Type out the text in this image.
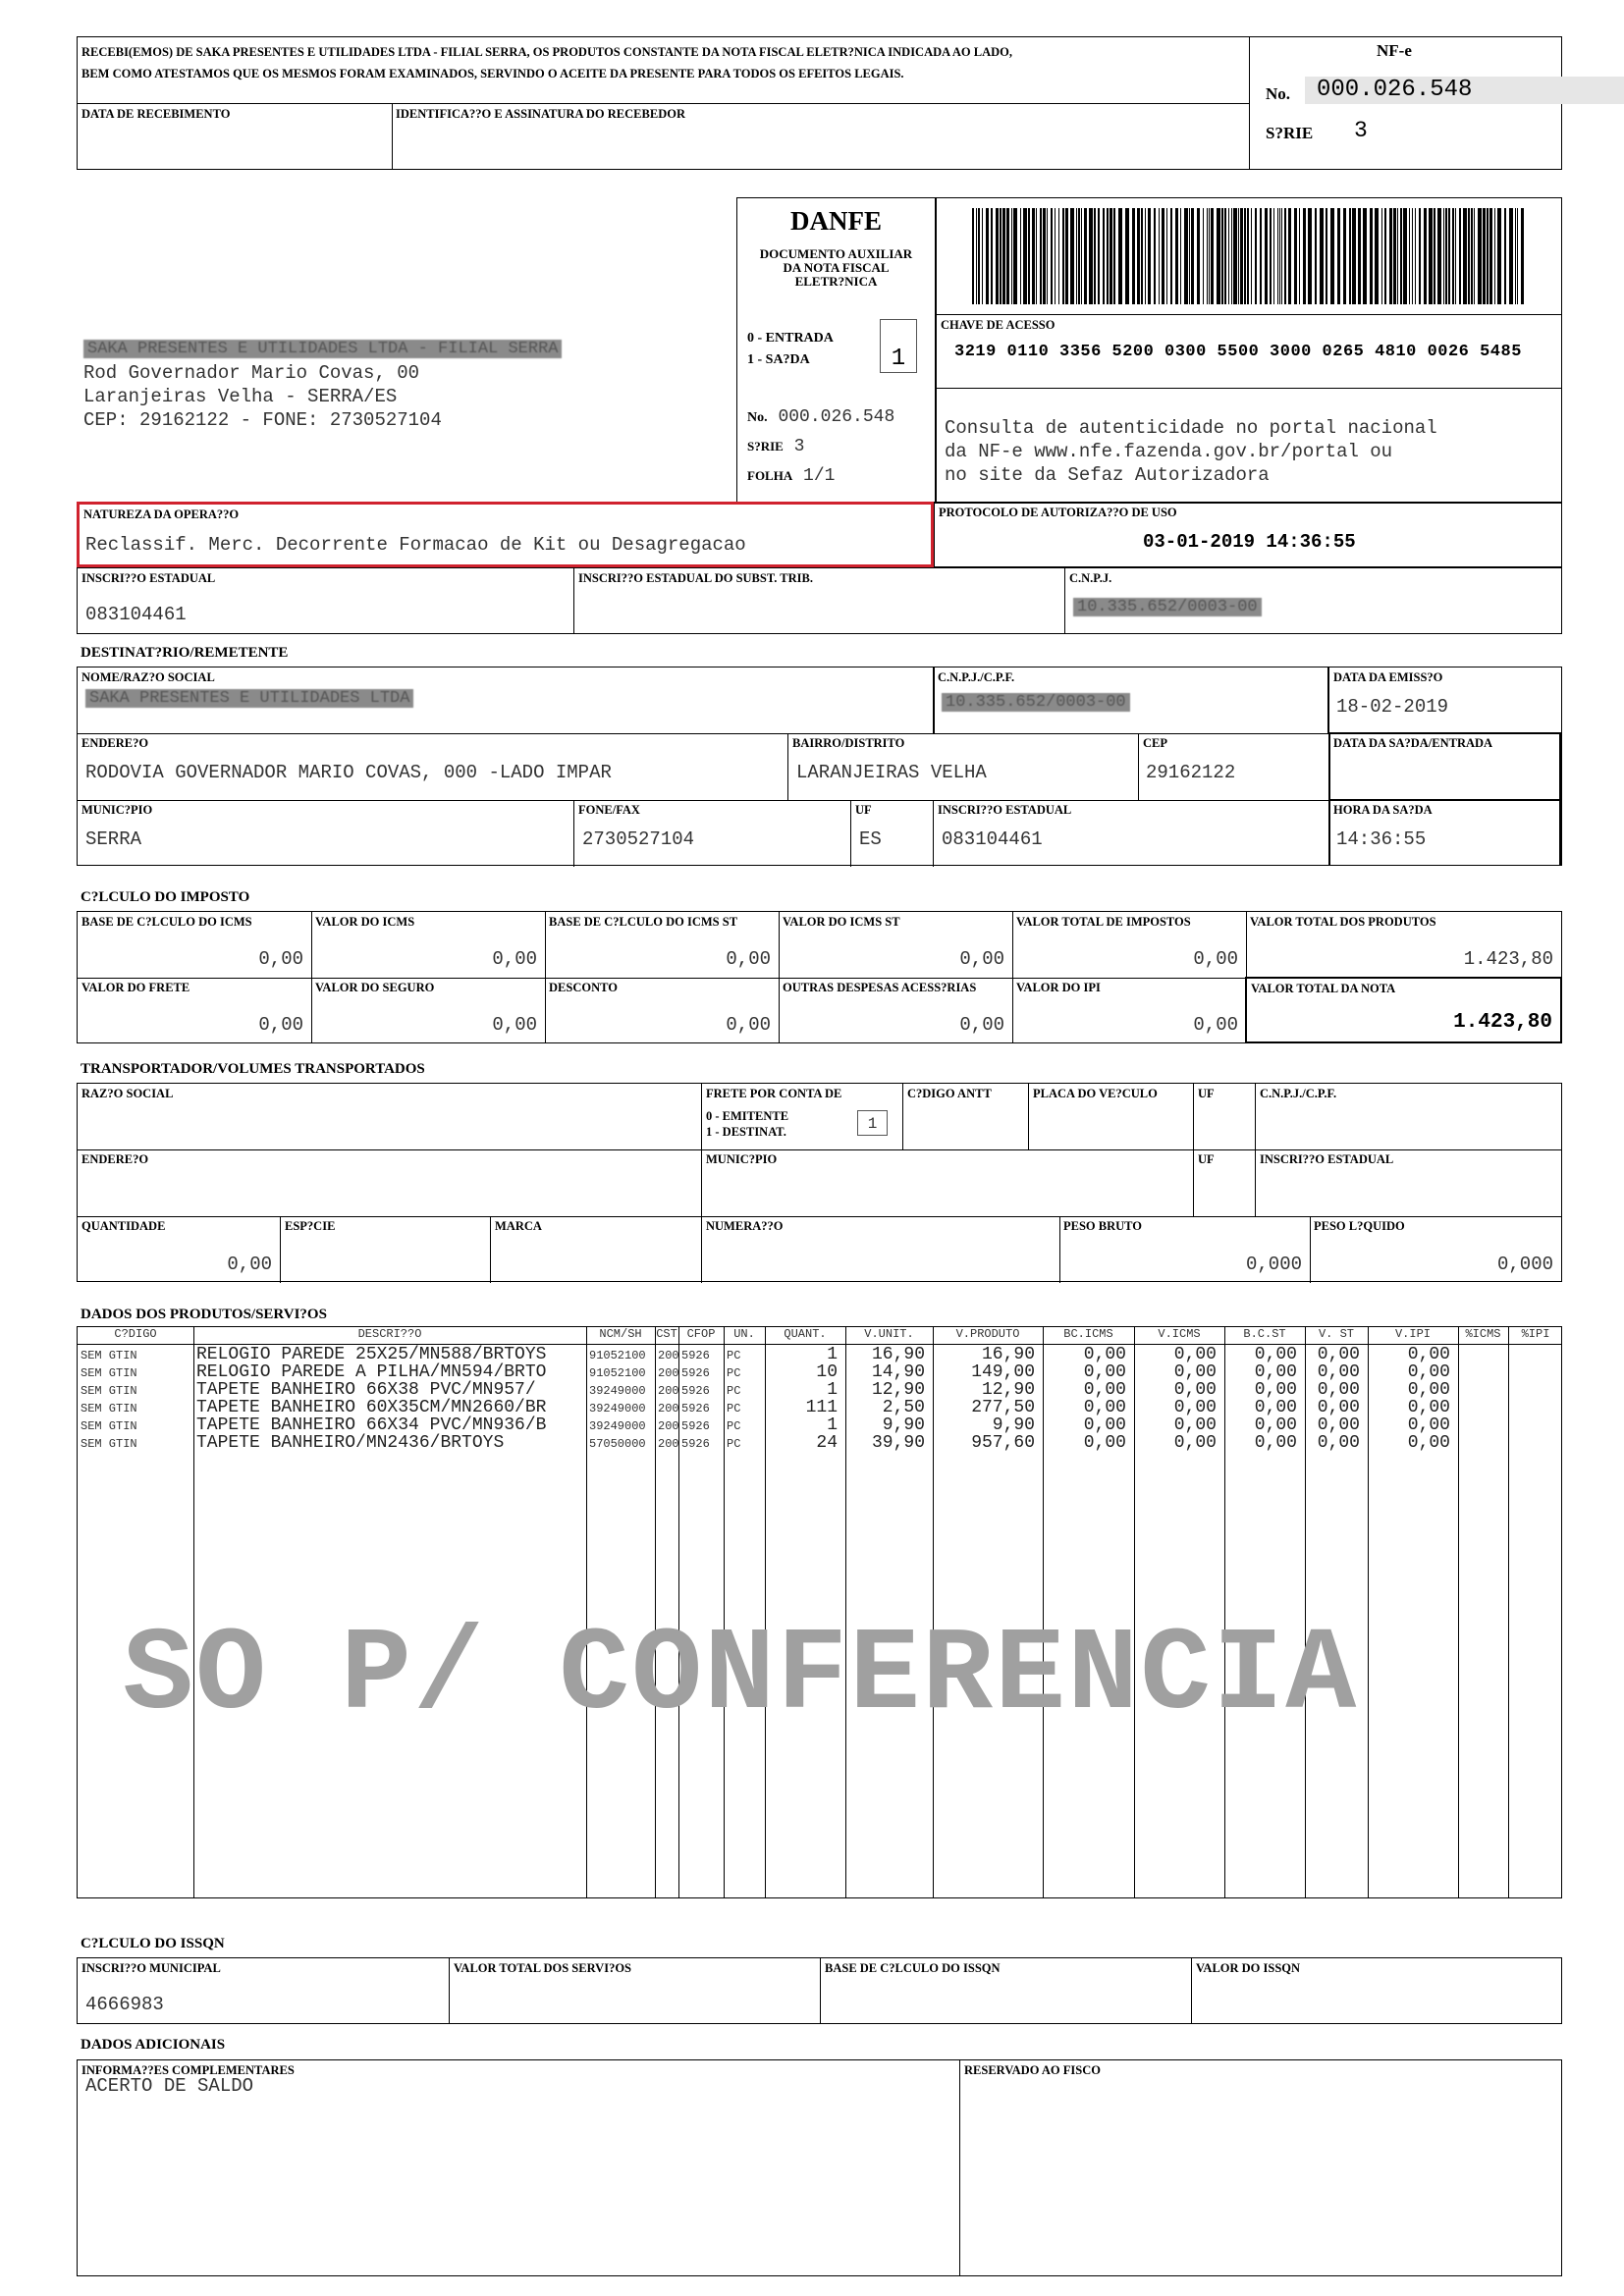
RECEBI(EMOS) DE SAKA PRESENTES E UTILIDADES LTDA - FILIAL SERRA, OS PRODUTOS CONSTANTE DA NOTA FISCAL ELETR?NICA INDICADA AO LADO,
BEM COMO ATESTAMOS QUE OS MESMOS FORAM EXAMINADOS, SERVINDO O ACEITE DA PRESENTE PARA TODOS OS EFEITOS LEGAIS.
DATA DE RECEBIMENTO	IDENTIFICA??O E ASSINATURA DO RECEBEDOR
NF-e
No.	000.026.548
S?RIE 3
SAKA PRESENTES E UTILIDADES LTDA - FILIAL SERRA
Rod Governador Mario Covas, 00
Laranjeiras Velha - SERRA/ES
CEP: 29162122 - FONE: 2730527104
DANFE
DOCUMENTO AUXILIAR
DA NOTA FISCAL
ELETR?NICA
0 - ENTRADA
1 - SA?DA	1
No. 000.026.548
S?RIE 3
FOLHA 1/1
CHAVE DE ACESSO
3219 0110 3356 5200 0300 5500 3000 0265 4810 0026 5485
Consulta de autenticidade no portal nacional
da NF-e www.nfe.fazenda.gov.br/portal ou
no site da Sefaz Autorizadora
NATUREZA DA OPERA??O
Reclassif. Merc. Decorrente Formacao de Kit ou Desagregacao
PROTOCOLO DE AUTORIZA??O DE USO
03-01-2019 14:36:55
INSCRI??O ESTADUAL
083104461
INSCRI??O ESTADUAL DO SUBST. TRIB.	C.N.P.J.
10.335.652/0003-00
DESTINAT?RIO/REMETENTE
NOME/RAZ?O SOCIAL
SAKA PRESENTES E UTILIDADES LTDA
C.N.P.J./C.P.F.
10.335.652/0003-00
DATA DA EMISS?O
18-02-2019
ENDERE?O
RODOVIA GOVERNADOR MARIO COVAS, 000 -LADO IMPAR
BAIRRO/DISTRITO
LARANJEIRAS VELHA
CEP
29162122
DATA DA SA?DA/ENTRADA
MUNIC?PIO
SERRA
FONE/FAX
2730527104
UF
ES
INSCRI??O ESTADUAL
083104461
HORA DA SA?DA
14:36:55
C?LCULO DO IMPOSTO
BASE DE C?LCULO DO ICMS
0,00
VALOR DO ICMS
0,00
BASE DE C?LCULO DO ICMS ST
0,00
VALOR DO ICMS ST
0,00
VALOR TOTAL DE IMPOSTOS
0,00
VALOR TOTAL DOS PRODUTOS
1.423,80
VALOR DO FRETE
0,00
VALOR DO SEGURO
0,00
DESCONTO
0,00
OUTRAS DESPESAS ACESS?RIAS
0,00
VALOR DO IPI
0,00
VALOR TOTAL DA NOTA
1.423,80
TRANSPORTADOR/VOLUMES TRANSPORTADOS
RAZ?O SOCIAL	FRETE POR CONTA DE
0 - EMITENTE
1 - DESTINAT.	1
C?DIGO ANTT	PLACA DO VE?CULO	UF	C.N.P.J./C.P.F.
ENDERE?O	MUNIC?PIO	UF	INSCRI??O ESTADUAL
QUANTIDADE
0,00
ESP?CIE	MARCA	NUMERA??O	PESO BRUTO
0,000
PESO L?QUIDO
0,000
DADOS DOS PRODUTOS/SERVI?OS
C?DIGO	DESCRI??O	NCM/SH	CST CFOP	UN.	QUANT.	V.UNIT.	V.PRODUTO	BC.ICMS	V.ICMS	B.C.ST	V. ST	V.IPI	%ICMS	%IPI
SEM GTIN	RELOGIO PAREDE 25X25/MN588/BRTOYS	91052100 200 5926 PC	1 16,90	16,90	0,00	0,00 0,00 0,00	0,00
SEM GTIN	RELOGIO PAREDE A PILHA/MN594/BRTO	91052100 200 5926 PC	10 14,90	149,00	0,00	0,00 0,00 0,00	0,00
SEM GTIN	TAPETE BANHEIRO 66X38 PVC/MN957/	39249000 200 5926 PC	1 12,90	12,90	0,00	0,00 0,00 0,00	0,00
SEM GTIN	TAPETE BANHEIRO 60X35CM/MN2660/BR	39249000 200 5926 PC	111	2,50	277,50	0,00	0,00 0,00 0,00	0,00
SEM GTIN	TAPETE BANHEIRO 66X34 PVC/MN936/B	39249000 200 5926 PC	1	9,90	9,90	0,00	0,00 0,00 0,00	0,00
SEM GTIN	TAPETE BANHEIRO/MN2436/BRTOYS	57050000 200 5926 PC	24 39,90	957,60	0,00	0,00 0,00 0,00	0,00
SO P/ CONFERENCIA
C?LCULO DO ISSQN
INSCRI??O MUNICIPAL
4666983
VALOR TOTAL DOS SERVI?OS	BASE DE C?LCULO DO ISSQN	VALOR DO ISSQN
DADOS ADICIONAIS
INFORMA??ES COMPLEMENTARES
ACERTO DE SALDO
RESERVADO AO FISCO
